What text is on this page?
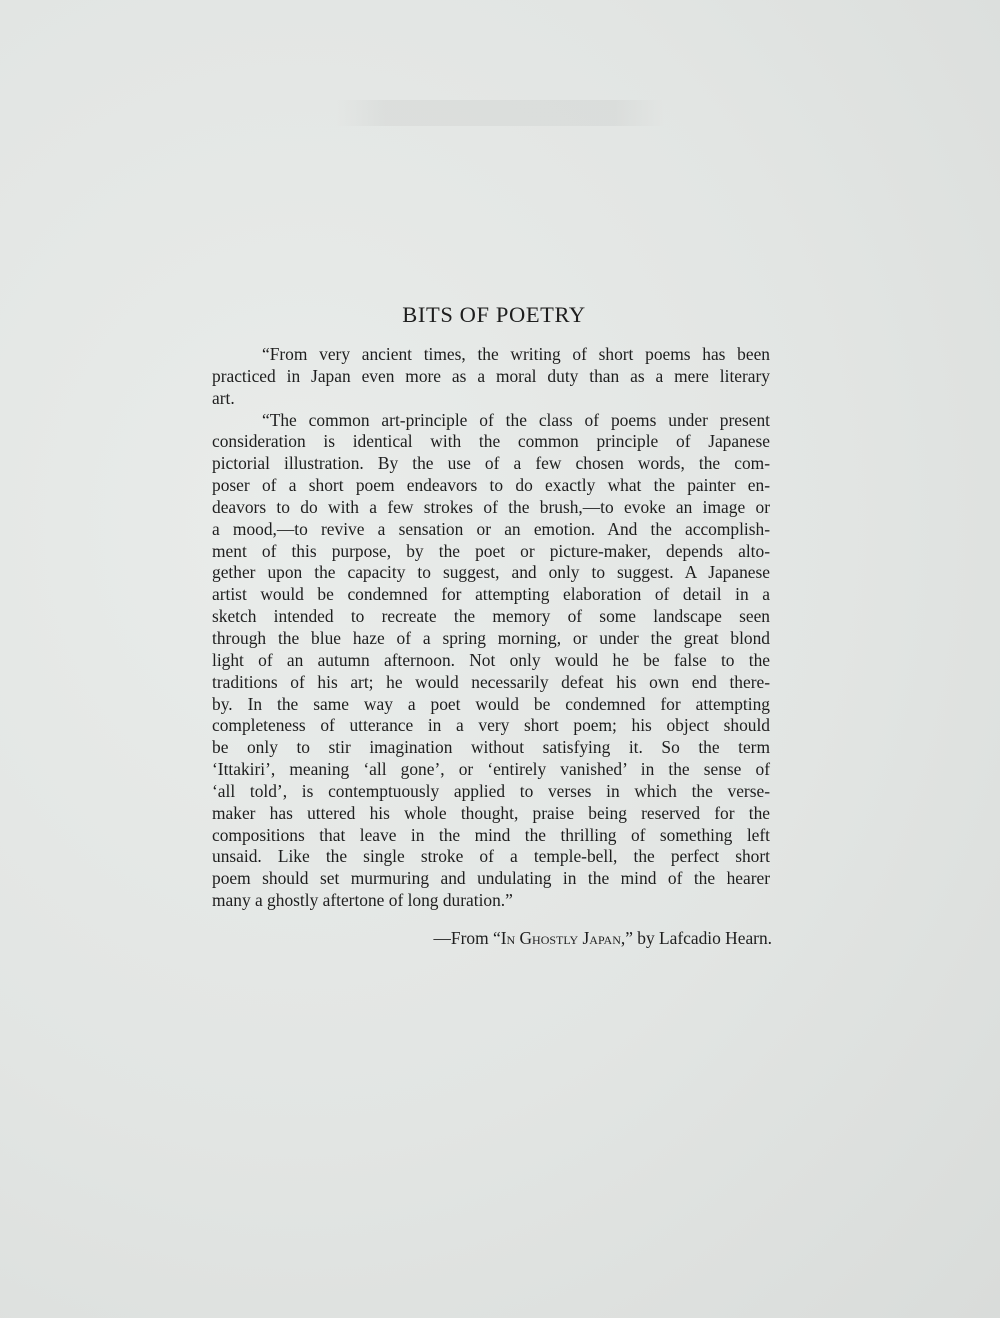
BITS OF POETRY
“From very ancient times, the writing of short poems has been
practiced in Japan even more as a moral duty than as a mere literary
art.
“The common art-principle of the class of poems under present
consideration is identical with the common principle of Japanese
pictorial illustration. By the use of a few chosen words, the com-
poser of a short poem endeavors to do exactly what the painter en-
deavors to do with a few strokes of the brush,—to evoke an image or
a mood,—to revive a sensation or an emotion. And the accomplish-
ment of this purpose, by the poet or picture-maker, depends alto-
gether upon the capacity to suggest, and only to suggest. A Japanese
artist would be condemned for attempting elaboration of detail in a
sketch intended to recreate the memory of some landscape seen
through the blue haze of a spring morning, or under the great blond
light of an autumn afternoon. Not only would he be false to the
traditions of his art; he would necessarily defeat his own end there-
by. In the same way a poet would be condemned for attempting
completeness of utterance in a very short poem; his object should
be only to stir imagination without satisfying it. So the term
‘Ittakiri’, meaning ‘all gone’, or ‘entirely vanished’ in the sense of
‘all told’, is contemptuously applied to verses in which the verse-
maker has uttered his whole thought, praise being reserved for the
compositions that leave in the mind the thrilling of something left
unsaid. Like the single stroke of a temple-bell, the perfect short
poem should set murmuring and undulating in the mind of the hearer
many a ghostly aftertone of long duration.”
—From “In Ghostly Japan,” by Lafcadio Hearn.
